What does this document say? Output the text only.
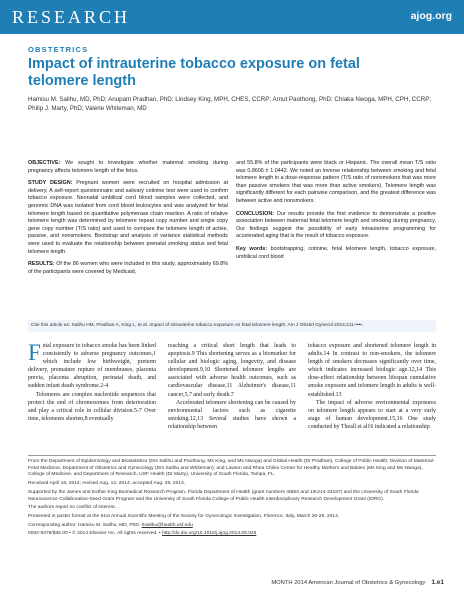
RESEARCH	ajog.org
OBSTETRICS
Impact of intrauterine tobacco exposure on fetal telomere length
Hamisu M. Salihu, MD, PhD; Anupam Pradhan, PhD; Lindsey King, MPH, CHES, CCRP; Arnut Paothong, PhD; Chiaka Nwoga, MPH, CPH, CCRP; Philip J. Marty, PhD; Valerie Whiteman, MD

OBJECTIVE: We sought to investigate whether maternal smoking during pregnancy affects telomere length of the fetus.

STUDY DESIGN: Pregnant women were recruited on hospital admission at delivery. A self-report questionnaire and salivary cotinine test were used to confirm tobacco exposure. Neonatal umbilical cord blood samples were collected, and genomic DNA was isolated from cord blood leukocytes and was analyzed for fetal telomere length based on quantitative polymerase chain reaction. A ratio of relative telomere length was determined by telomere repeat copy number and single copy gene copy number (T/S ratio) and used to compare the telomere length of active, passive, and nonsmokers. Bootstrap and analysis of variance statistical methods were used to evaluate the relationship between prenatal smoking status and fetal telomere length.

RESULTS: Of the 86 women who were included in this study, approximately 69.8% of the participants were covered by Medicaid,

and 55.8% of the participants were black or Hispanic. The overall mean T/S ratio was 0.8606 ± 1.0442. We noted an inverse relationship between smoking and fetal telomere length in a dose-response pattern (T/S ratio of nonsmokers that was more than passive smokers that was more than active smokers). Telomere length was significantly different for each pairwise comparison, and the greatest difference was between active and nonsmokers.

CONCLUSION: Our results provide the first evidence to demonstrate a positive association between maternal fetal telomere length and smoking during pregnancy. Our findings suggest the possibility of early intrauterine programming for accelerated aging that is the result of tobacco exposure.

Key words: bootstrapping, cotinine, fetal telomere length, tobacco exposure, umbilical cord blood

Cite this article as: Salihu HM, Pradhan A, King L, et al. Impact of intrauterine tobacco exposure on fetal telomere length. Am J Obstet Gynecol 2014;211:••••.

Fetal exposure to tobacco smoke has been linked consistently to adverse pregnancy outcomes,1 which include low birthweight, preterm delivery, premature rupture of membranes, placenta previa, placenta abruption, perinatal death, and sudden infant death syndrome.2-4

Telomeres are complex nucleotide sequences that protect the end of chromosomes from deterioration and play a critical role in cellular division.5-7 Over time, telomeres shorten,8 eventually

reaching a critical short length that leads to apoptosis.9 This shortening serves as a biomarker for cellular and biologic aging, longevity, and disease development.9,10 Shortened telomere lengths are associated with adverse health outcomes, such as cardiovascular disease,11 Alzheimer's disease,11 cancer,5,7 and early death.7

Accelerated telomere shortening can be caused by environmental factors such as cigarette smoking.12,13 Several studies have shown a relationship between

tobacco exposure and shortened telomere length in adults.14 In contrast to non-smokers, the telomere length of smokers decreases significantly over time, which indicates increased biologic age.12,14 This dose-effect relationship between lifespan cumulative smoke exposure and telomere length in adults is well-established.13

The impact of adverse environmental exposures on telomere length appears to start at a very early stage of human development.15,16 One study conducted by Theall et al16 indicated a relationship

From the Department of Epidemiology and Biostatistics (Drs Salihu and Paothong, Ms King, and Ms Nwoga) and Global Health (Dr Pradhan), College of Public Health; Division of Maternal-Fetal Medicine, Department of Obstetrics and Gynecology (Drs Salihu and Whiteman); and Lawton and Rhea Chiles Center for Healthy Mothers and Babies (Ms King and Ms Nwoga), College of Medicine, and Department of Research, USF Health (Dr Marty), University of South Florida, Tampa, FL.

Received April 16, 2014; revised Aug. 12, 2014; accepted Aug. 25, 2014.

Supported by the James and Esther King Biomedical Research Program, Florida Department of Health (grant numbers 4IB03 and 1IK214-33187) and the University of South Florida Neuroscience Collaborative-Seed Grant Program and the University of South Florida College of Public Health Interdisciplinary Research Development Grant (IDRG).

The authors report no conflict of interest.

Presented in poster format at the 61st Annual Scientific Meeting of the Society for Gynecologic Investigation, Florence, Italy, March 26-29, 2014.

Corresponding author: Hamisu M. Salihu, MD, PhD. hsalihu@health.usf.edu

0002-9378/$36.00 • © 2014 Elsevier Inc. All rights reserved. • http://dx.doi.org/10.1016/j.ajog.2014.08.026

MONTH 2014 American Journal of Obstetrics & Gynecology 1.e1
